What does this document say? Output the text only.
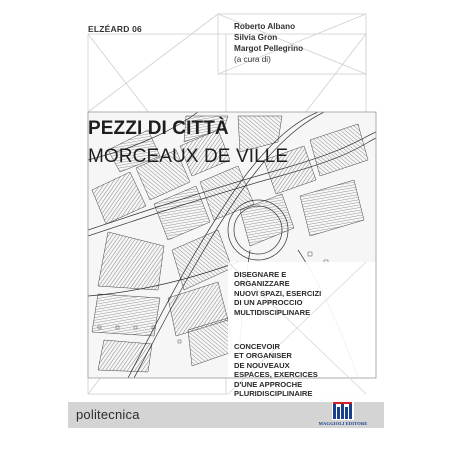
ELZÉARD 06	Roberto Albano
Silvia Gron
Margot Pellegrino
(a cura di)
PEZZI DI CITTÀ
MORCEAUX DE VILLE
DISEGNARE E
ORGANIZZARE
NUOVI SPAZI, ESERCIZI
DI UN APPROCCIO
MULTIDISCIPLINARE
CONCEVOIR
ET ORGANISER
DE NOUVEAUX
ESPACES, EXERCICES
D'UNE APPROCHE
PLURIDISCIPLINAIRE
politecnica
MAGGIOLI EDITORE
